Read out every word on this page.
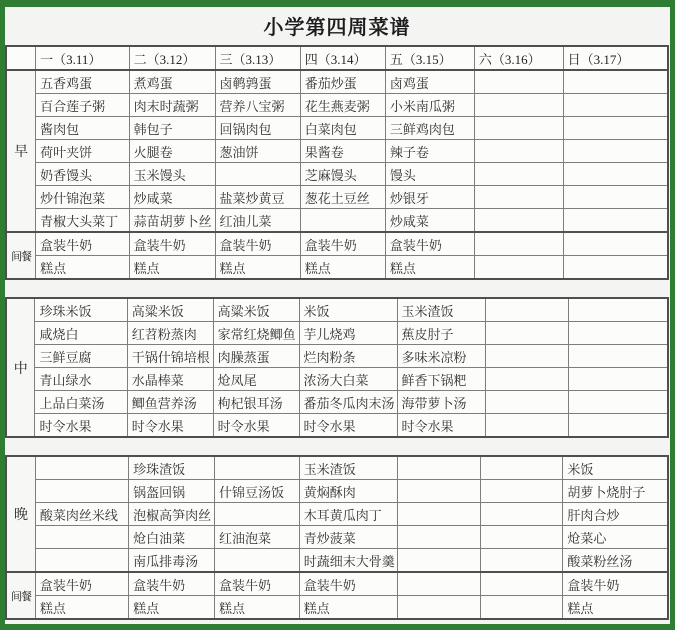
小学第四周菜谱
	一（3.11）	二（3.12）	三（3.13）	四（3.14）	五（3.15）	六（3.16）	日（3.17）
早	五香鸡蛋	煮鸡蛋	卤鹌鹑蛋	番茄炒蛋	卤鸡蛋		
	百合莲子粥	肉末时蔬粥	营养八宝粥	花生燕麦粥	小米南瓜粥		
	酱肉包	韩包子	回锅肉包	白菜肉包	三鲜鸡肉包		
	荷叶夹饼	火腿卷	葱油饼	果酱卷	辣子卷		
	奶香馒头	玉米馒头		芝麻馒头	馒头		
	炒什锦泡菜	炒咸菜	盐菜炒黄豆	葱花土豆丝	炒银牙		
	青椒大头菜丁	蒜苗胡萝卜丝	红油儿菜		炒咸菜		
间餐	盒装牛奶	盒装牛奶	盒装牛奶	盒装牛奶	盒装牛奶		
	糕点	糕点	糕点	糕点	糕点		
中	珍珠米饭	高粱米饭	高粱米饭	米饭	玉米渣饭		
	咸烧白	红苕粉蒸肉	家常红烧鲫鱼	芋儿烧鸡	蕉皮肘子		
	三鲜豆腐	干锅什锦培根	肉臊蒸蛋	烂肉粉条	多味米凉粉		
	青山绿水	水晶棒菜	炝凤尾	浓汤大白菜	鲜香下锅粑		
	上品白菜汤	鲫鱼营养汤	枸杞银耳汤	番茄冬瓜肉末汤	海带萝卜汤		
	时令水果	时令水果	时令水果	时令水果	时令水果		
晚		珍珠渣饭		玉米渣饭			米饭
		锅盔回锅	什锦豆汤饭	黄焖酥肉			胡萝卜烧肘子
	酸菜肉丝米线	泡椒高笋肉丝		木耳黄瓜肉丁			肝肉合炒
		炝白油菜	红油泡菜	青炒菠菜			炝菜心
		南瓜排毒汤		时蔬细末大骨羹			酸菜粉丝汤
间餐	盒装牛奶	盒装牛奶	盒装牛奶	盒装牛奶			盒装牛奶
	糕点	糕点	糕点	糕点			糕点
